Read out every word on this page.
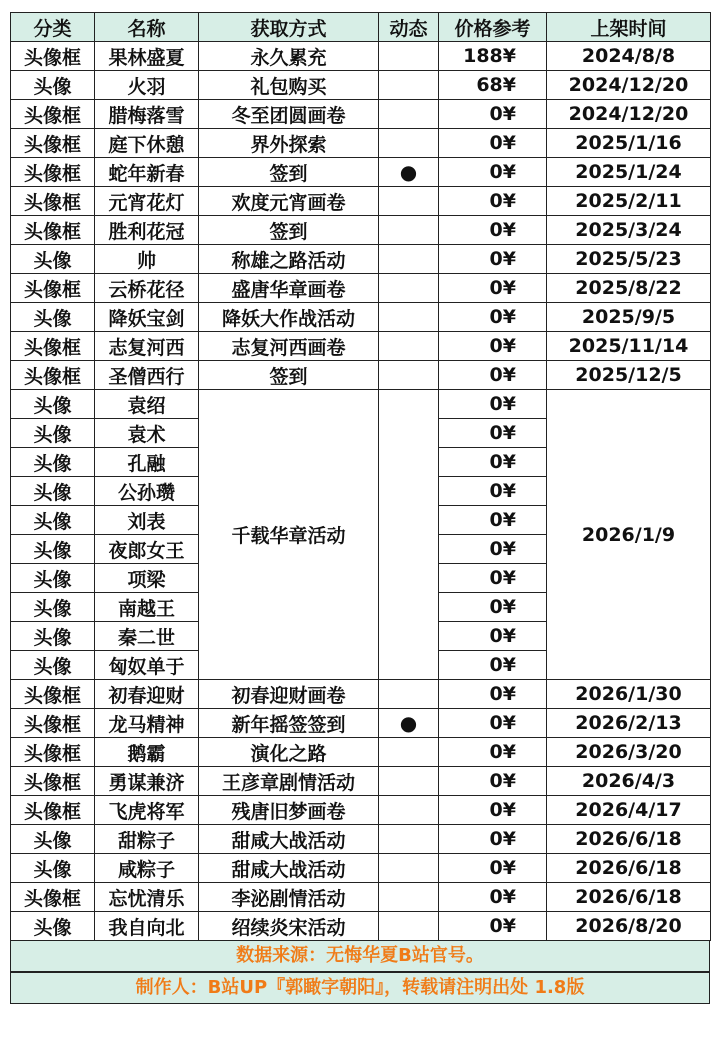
分类	名称	获取方式	动态	价格参考	上架时间
头像框	果林盛夏	永久累充		188¥	2024/8/8
头像	火羽	礼包购买		68¥	2024/12/20
头像框	腊梅落雪	冬至团圆画卷		0¥	2024/12/20
头像框	庭下休憩	界外探索		0¥	2025/1/16
头像框	蛇年新春	签到	●	0¥	2025/1/24
头像框	元宵花灯	欢度元宵画卷		0¥	2025/2/11
头像框	胜利花冠	签到		0¥	2025/3/24
头像	帅	称雄之路活动		0¥	2025/5/23
头像框	云桥花径	盛唐华章画卷		0¥	2025/8/22
头像	降妖宝剑	降妖大作战活动		0¥	2025/9/5
头像框	志复河西	志复河西画卷		0¥	2025/11/14
头像框	圣僧西行	签到		0¥	2025/12/5
头像	袁绍	千载华章活动		0¥	2026/1/9
头像	袁术			0¥	
头像	孔融			0¥	
头像	公孙瓒			0¥	
头像	刘表			0¥	
头像	夜郎女王			0¥	
头像	项梁			0¥	
头像	南越王			0¥	
头像	秦二世			0¥	
头像	匈奴单于			0¥	
头像框	初春迎财	初春迎财画卷		0¥	2026/1/30
头像框	龙马精神	新年摇签签到	●	0¥	2026/2/13
头像框	鹅霸	演化之路		0¥	2026/3/20
头像框	勇谋兼济	王彦章剧情活动		0¥	2026/4/3
头像框	飞虎将军	残唐旧梦画卷		0¥	2026/4/17
头像	甜粽子	甜咸大战活动		0¥	2026/6/18
头像	咸粽子	甜咸大战活动		0¥	2026/6/18
头像框	忘忧清乐	李泌剧情活动		0¥	2026/6/18
头像	我自向北	绍续炎宋活动		0¥	2026/8/20
数据来源：无悔华夏B站官号。
制作人：B站UP『郭瞰字朝阳』，转载请注明出处 1.8版
